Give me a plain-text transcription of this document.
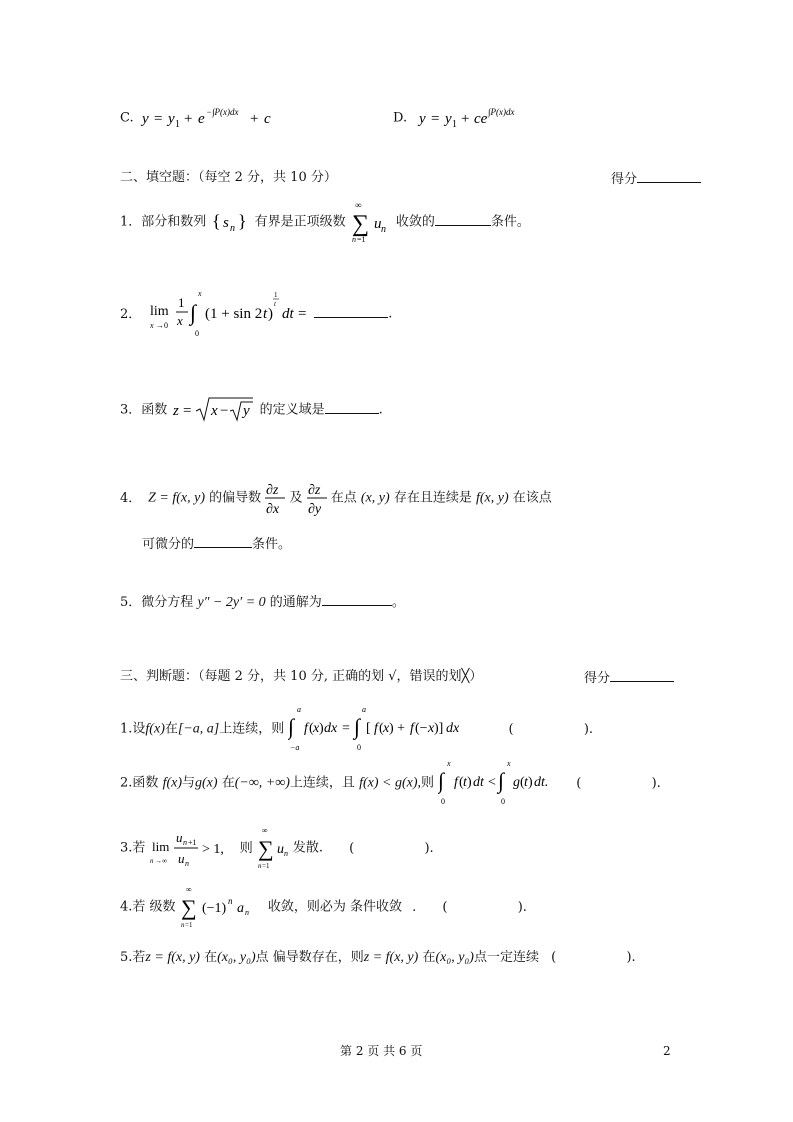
C. y = y 1 + e −∫P(x)dx + c	D. y = y 1 + ce ∫P(x)dx
二、填空题：（每空 2 分，共 10 分）	得分
1．部分和数列 { s n } 有界是正项级数
∞
∑
n =1
u n 收敛的	条件。
2． lim
x →0
1
x ∫
x
0
(1 + sin 2 t )
1
t
dt =	.
3．函数 z = x − y 的定义域是	.
4． Z = f(x, y) 的偏导数 ∂z
∂x
及 ∂z
∂y
在点 (x, y) 存在且连续是 f(x, y) 在该点
可微分的	条件。
5．微分方程 y″ − 2y′ = 0 的通解为	。
三、判断题：（每题 2 分，共 10 分, 正确的划 √，错误的划╳）	得分
1.设f(x)在[−a, a]上连续，则 ∫
a
−a
f ( x ) dx = ∫
a
0
[ f ( x ) + f (− x )] dx	(                 ).
2.函数 f(x)与g(x) 在(−∞, +∞)上连续，且 f(x) < g(x),则 ∫
x
0
f ( t ) dt < ∫
x
0
g ( t ) dt. (                 ).
3.若 lim
n →∞
u n +1
u n
> 1, 则
∞
∑
n =1
u n 发散. (                 ).
4.若 级数
∞
∑
n =1
(−1) n a n 收敛，则必为 条件收敛 . (                 ).
5.若z = f(x, y) 在(x₀, y₀)点 偏导数存在，则z = f(x, y) 在(x₀, y₀)点一定连续 (                 ).
第 2 页 共 6 页	2
